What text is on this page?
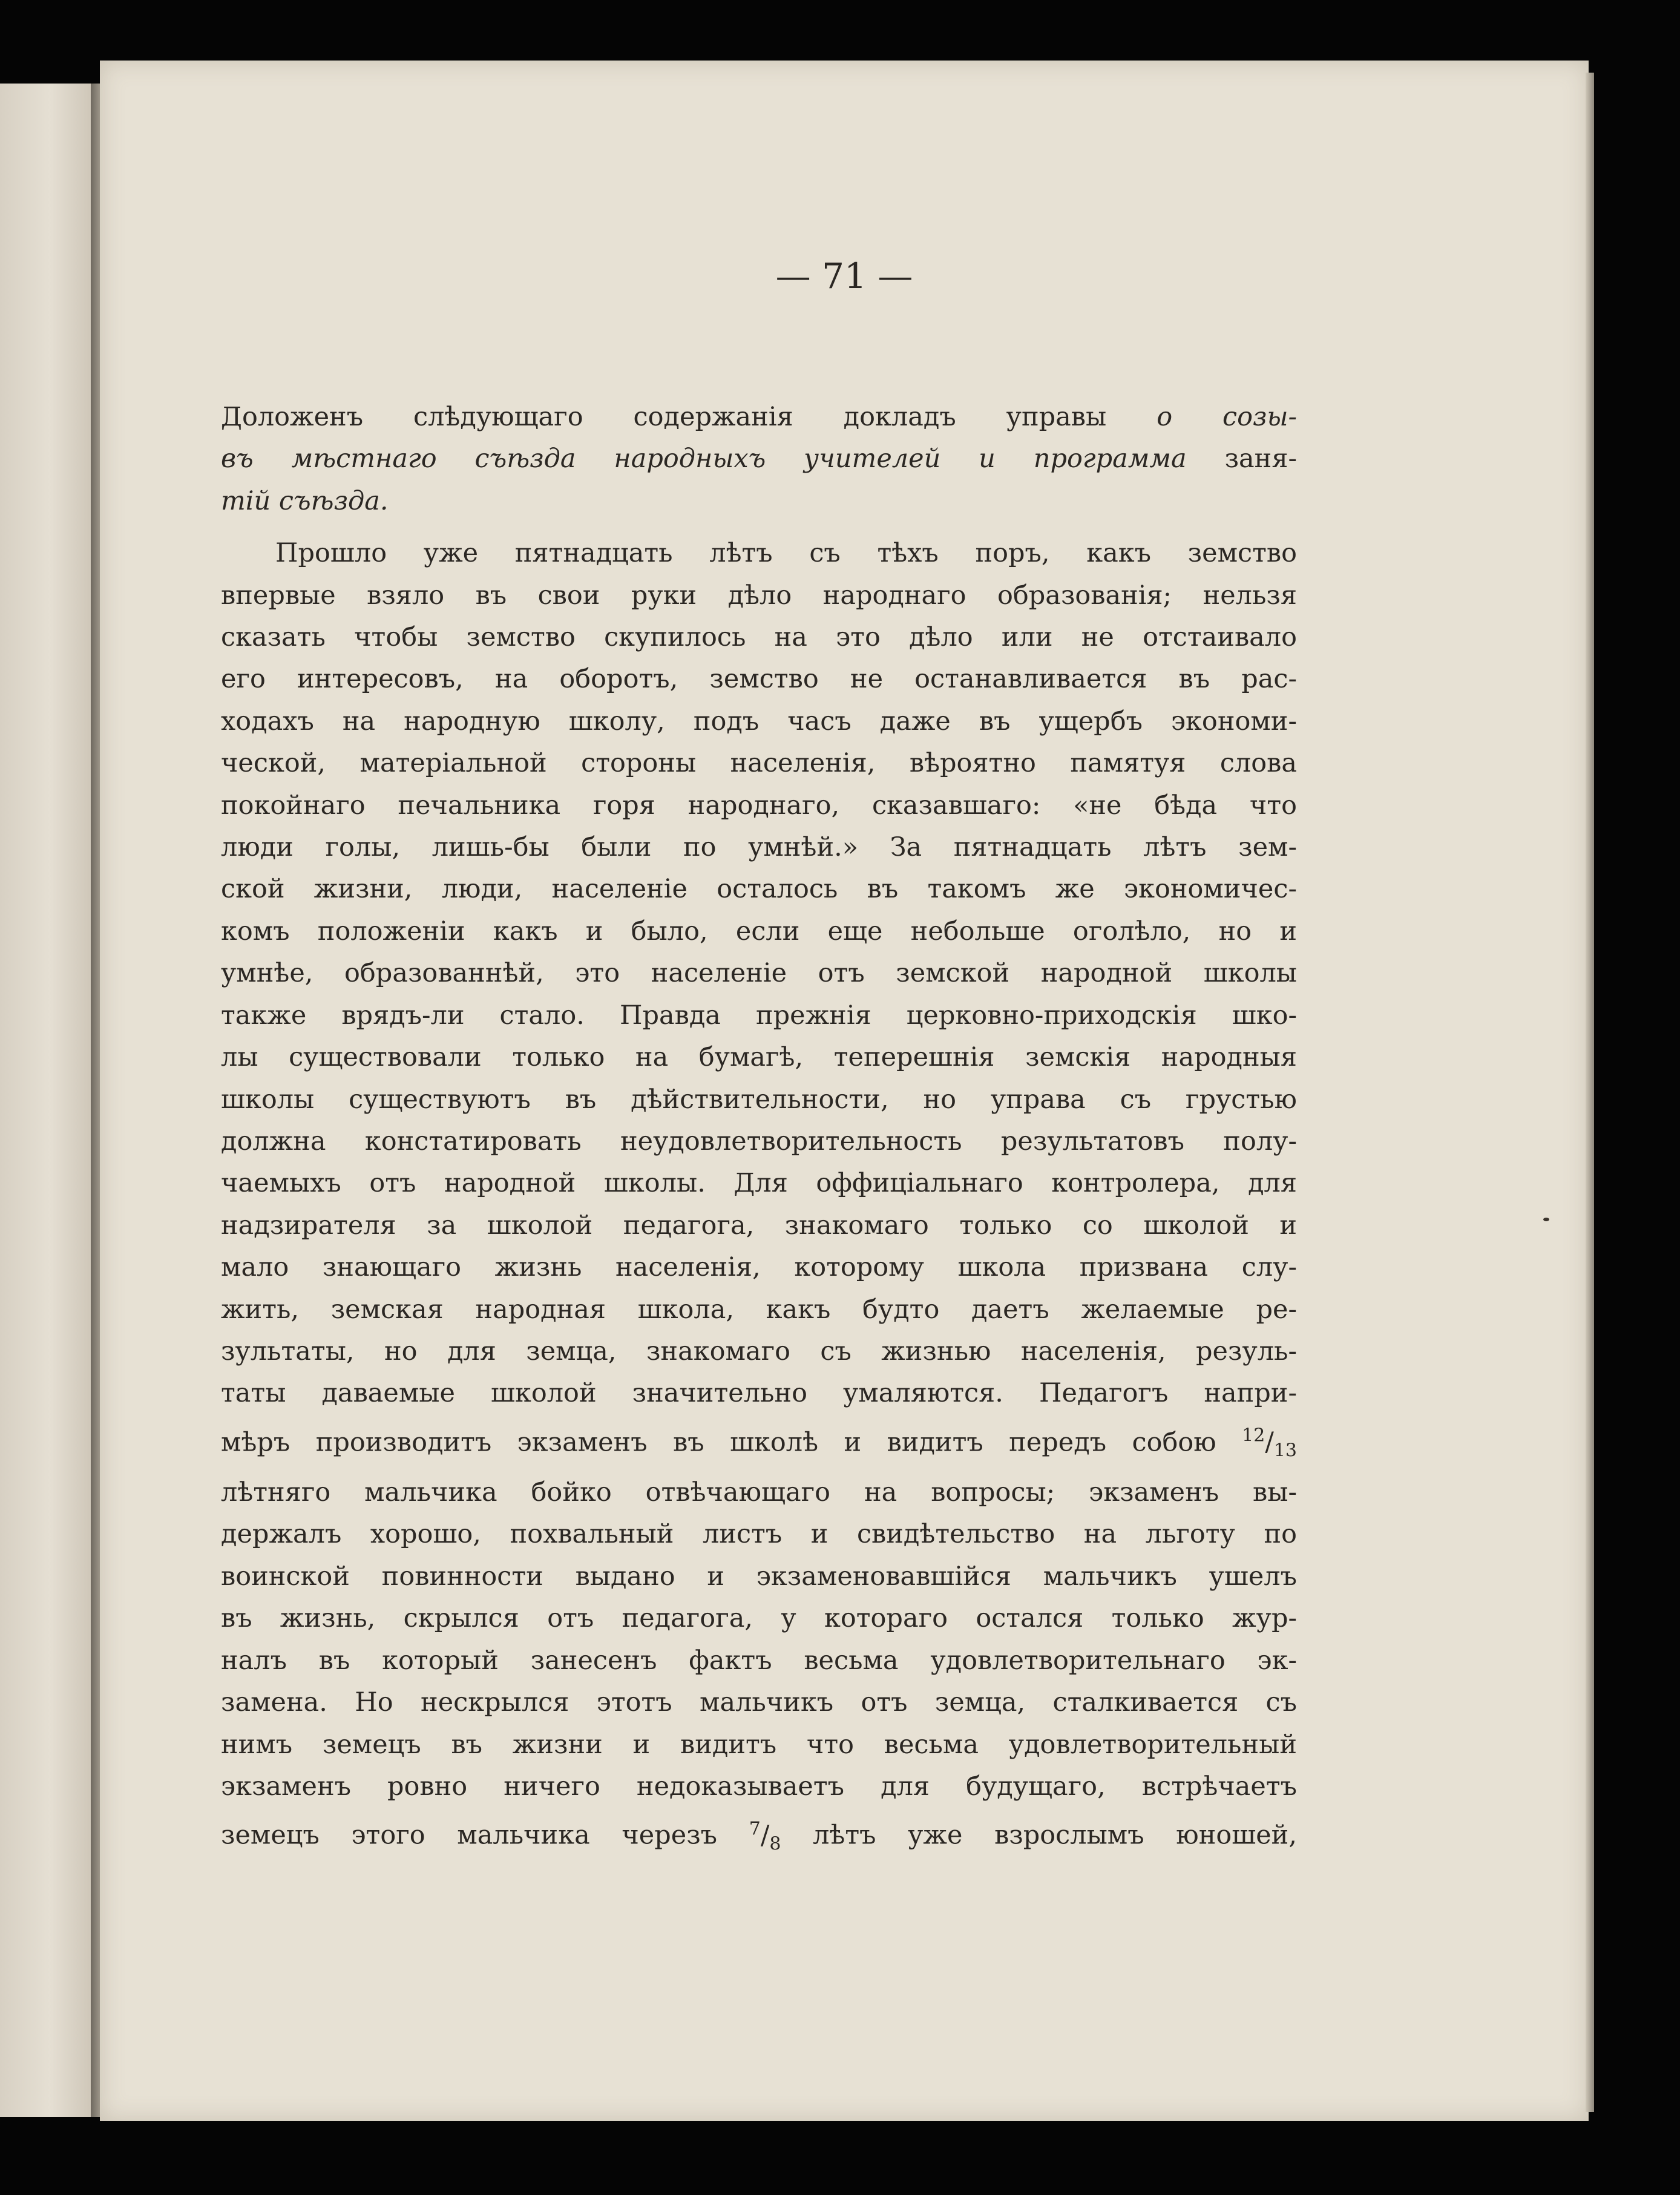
— 71 —

Доложенъ слѣдующаго содержанія докладъ управы о созы-
въ мѣстнаго съѣзда народныхъ учителей и программа заня-
тій съѣзда.

Прошло уже пятнадцать лѣтъ съ тѣхъ поръ, какъ земство
впервые взяло въ свои руки дѣло народнаго образованія; нельзя
сказать чтобы земство скупилось на это дѣло или не отстаивало
его интересовъ, на оборотъ, земство не останавливается въ рас-
ходахъ на народную школу, подъ часъ даже въ ущербъ экономи-
ческой, матеріальной стороны населенія, вѣроятно памятуя слова
покойнаго печальника горя народнаго, сказавшаго: «не бѣда что
люди голы, лишь-бы были по умнѣй.» За пятнадцать лѣтъ зем-
ской жизни, люди, населеніе осталось въ такомъ же экономичес-
комъ положеніи какъ и было, если еще небольше оголѣло, но и
умнѣе, образованнѣй, это населеніе отъ земской народной школы
также врядъ-ли стало. Правда прежнія церковно-приходскія шко-
лы существовали только на бумагѣ, теперешнія земскія народныя
школы существуютъ въ дѣйствительности, но управа съ грустью
должна констатировать неудовлетворительность результатовъ полу-
чаемыхъ отъ народной школы. Для оффиціальнаго контролера, для
надзирателя за школой педагога, знакомаго только со школой и
мало знающаго жизнь населенія, которому школа призвана слу-
жить, земская народная школа, какъ будто даетъ желаемые ре-
зультаты, но для земца, знакомаго съ жизнью населенія, резуль-
таты даваемые школой значительно умаляются. Педагогъ напри-
мѣръ производитъ экзаменъ въ школѣ и видитъ передъ собою $^{12}/_{13}$
лѣтняго мальчика бойко отвѣчающаго на вопросы; экзаменъ вы-
держалъ хорошо, похвальный листъ и свидѣтельство на льготу по
воинской повинности выдано и экзаменовавшійся мальчикъ ушелъ
въ жизнь, скрылся отъ педагога, у котораго остался только жур-
налъ въ который занесенъ фактъ весьма удовлетворительнаго эк-
замена. Но нескрылся этотъ мальчикъ отъ земца, сталкивается съ
нимъ земецъ въ жизни и видитъ что весьма удовлетворительный
экзаменъ ровно ничего недоказываетъ для будущаго, встрѣчаетъ
земецъ этого мальчика черезъ $^7/_8$ лѣтъ уже взрослымъ юношей,
